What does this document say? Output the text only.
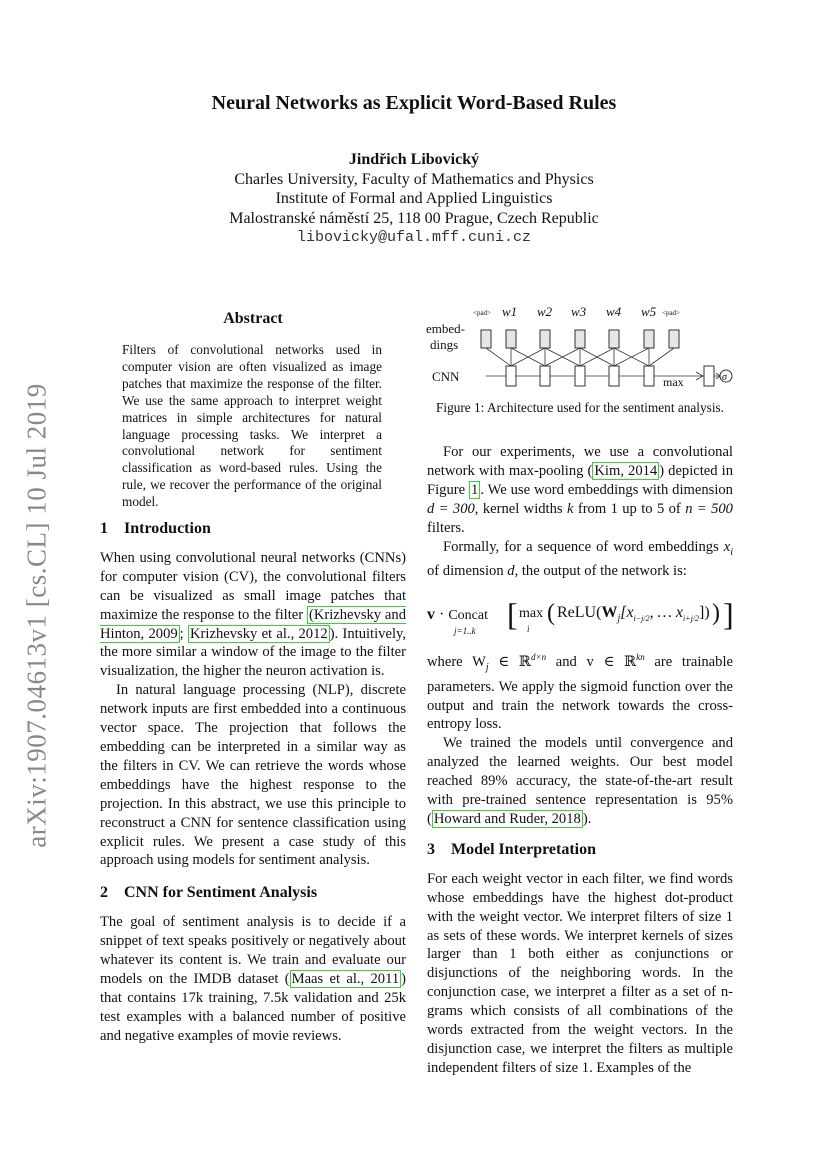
arXiv:1907.04613v1 [cs.CL] 10 Jul 2019
Neural Networks as Explicit Word-Based Rules
Jindřich Libovický
Charles University, Faculty of Mathematics and Physics
Institute of Formal and Applied Linguistics
Malostranské náměstí 25, 118 00 Prague, Czech Republic
libovicky@ufal.mff.cuni.cz
Abstract
Filters of convolutional networks used in computer vision are often visualized as image patches that maximize the response of the filter. We use the same approach to interpret weight matrices in simple architectures for natural language processing tasks. We interpret a convolutional network for sentiment classification as word-based rules. Using the rule, we recover the performance of the original model.
1 Introduction

When using convolutional neural networks (CNNs) for computer vision (CV), the convolutional filters can be visualized as small image patches that maximize the response to the filter (Krizhevsky and Hinton, 2009 ; Krizhevsky et al., 2012 ). Intuitively, the more similar a window of the image to the filter visualization, the higher the neuron activation is.

In natural language processing (NLP), discrete network inputs are first embedded into a continuous vector space. The projection that follows the embedding can be interpreted in a similar way as the filters in CV. We can retrieve the words whose embeddings have the highest response to the projection. In this abstract, we use this principle to reconstruct a CNN for sentence classification using explicit rules. We present a case study of this approach using models for sentiment analysis.

2 CNN for Sentiment Analysis

The goal of sentiment analysis is to decide if a snippet of text speaks positively or negatively about whatever its content is. We train and evaluate our models on the IMDB dataset ( Maas et al., 2011 ) that contains 17k training, 7.5k validation and 25k test examples with a balanced number of positive and negative examples of movie reviews.

<pad> w1 w2 w3 w4 w5 <pad>
embed-
dings
CNN	max	σ
Figure 1: Architecture used for the sentiment analysis.

For our experiments, we use a convolutional network with max-pooling ( Kim, 2014 ) depicted in Figure 1 . We use word embeddings with dimension d = 300, kernel widths k from 1 up to 5 of n = 500 filters.

Formally, for a sequence of word embeddings $x_i$ of dimension d, the output of the network is:

v · Concat
j=1..k [ max
i
( $ReLU(W_j[x_{i-j/2}$, … $x_{i+j/2}$]) ) ]

where $W_j$ ∈ ℝ$^{d\times n}$ and v ∈ ℝ$^{kn}$ are trainable parameters. We apply the sigmoid function over the output and train the network towards the cross-entropy loss.

We trained the models until convergence and analyzed the learned weights. Our best model reached 89% accuracy, the state-of-the-art result with pre-trained sentence representation is 95% ( Howard and Ruder, 2018 ).

3 Model Interpretation

For each weight vector in each filter, we find words whose embeddings have the highest dot-product with the weight vector. We interpret filters of size 1 as sets of these words. We interpret kernels of sizes larger than 1 both either as conjunctions or disjunctions of the neighboring words. In the conjunction case, we interpret a filter as a set of n-grams which consists of all combinations of the words extracted from the weight vectors. In the disjunction case, we interpret the filters as multiple independent filters of size 1. Examples of the
